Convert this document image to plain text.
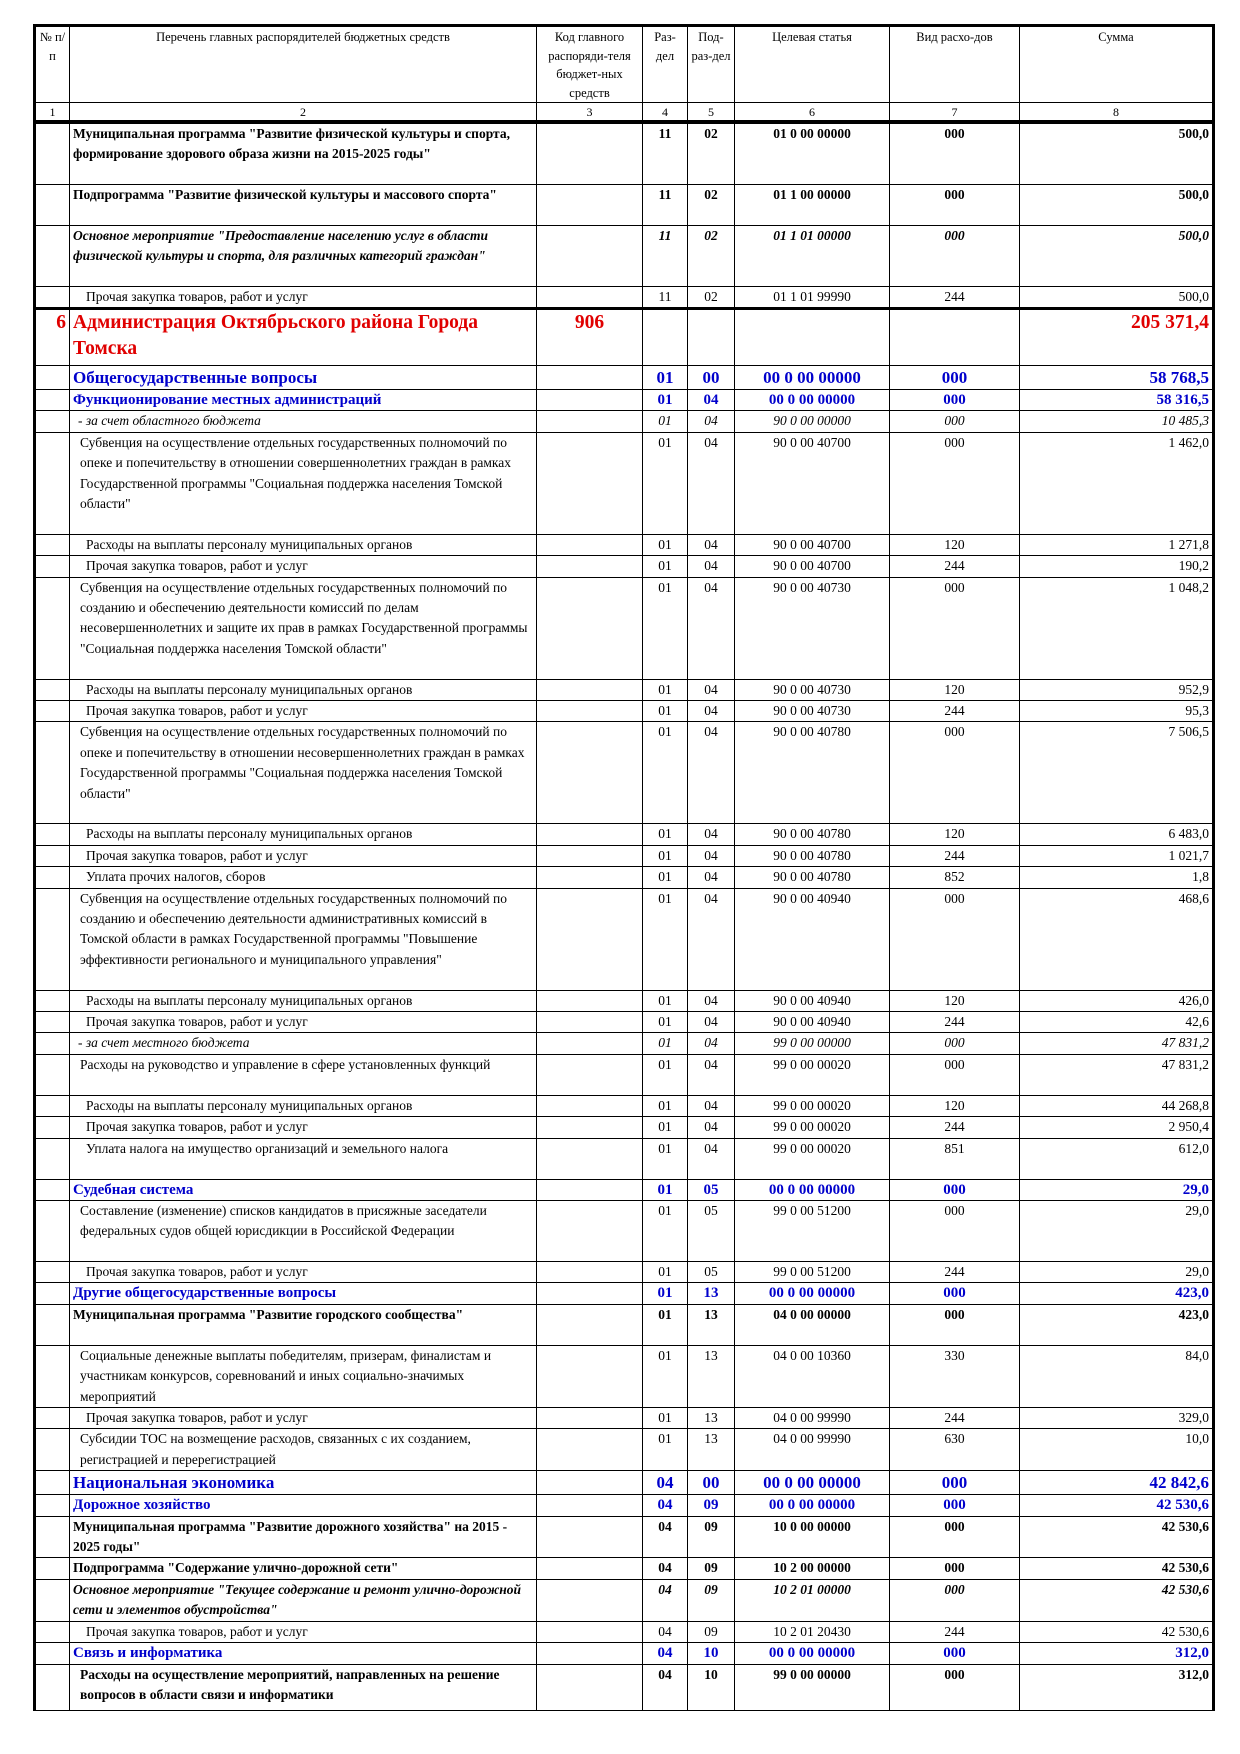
№ п/п	Перечень главных распорядителей бюджетных средств	Код главного распоряди-теля бюджет-ных средств	Раз-дел	Под-раз-дел	Целевая статья	Вид расхо-дов	Сумма
1	2	3	4	5	6	7	8
	Муниципальная программа "Развитие физической культуры и спорта, формирование здорового образа жизни на 2015-2025 годы"		11	02	01 0 00 00000	000	500,0
	Подпрограмма "Развитие физической культуры и массового спорта"		11	02	01 1 00 00000	000	500,0
	Основное мероприятие "Предоставление населению услуг в области физической культуры и спорта, для различных категорий граждан"		11	02	01 1 01 00000	000	500,0
	Прочая закупка товаров, работ и услуг		11	02	01 1 01 99990	244	500,0
6	Администрация Октябрьского района Города Томска	906					205 371,4
	Общегосударственные вопросы		01	00	00 0 00 00000	000	58 768,5
	Функционирование местных администраций		01	04	00 0 00 00000	000	58 316,5
	- за счет областного бюджета		01	04	90 0 00 00000	000	10 485,3
	Субвенция на осуществление отдельных государственных полномочий по опеке и попечительству в отношении совершеннолетних граждан в рамках Государственной программы "Социальная поддержка населения Томской области"		01	04	90 0 00 40700	000	1 462,0
	Расходы на выплаты персоналу муниципальных органов		01	04	90 0 00 40700	120	1 271,8
	Прочая закупка товаров, работ и услуг		01	04	90 0 00 40700	244	190,2
	Субвенция на осуществление отдельных государственных полномочий по созданию и обеспечению деятельности комиссий по делам несовершеннолетних и защите их прав в рамках Государственной программы "Социальная поддержка населения Томской области"		01	04	90 0 00 40730	000	1 048,2
	Расходы на выплаты персоналу муниципальных органов		01	04	90 0 00 40730	120	952,9
	Прочая закупка товаров, работ и услуг		01	04	90 0 00 40730	244	95,3
	Субвенция на осуществление отдельных государственных полномочий по опеке и попечительству в отношении несовершеннолетних граждан в рамках Государственной программы "Социальная поддержка населения Томской области"		01	04	90 0 00 40780	000	7 506,5
	Расходы на выплаты персоналу муниципальных органов		01	04	90 0 00 40780	120	6 483,0
	Прочая закупка товаров, работ и услуг		01	04	90 0 00 40780	244	1 021,7
	Уплата прочих налогов, сборов		01	04	90 0 00 40780	852	1,8
	Субвенция на осуществление отдельных государственных полномочий по созданию и обеспечению деятельности административных комиссий в Томской области в рамках Государственной программы "Повышение эффективности регионального и муниципального управления"		01	04	90 0 00 40940	000	468,6
	Расходы на выплаты персоналу муниципальных органов		01	04	90 0 00 40940	120	426,0
	Прочая закупка товаров, работ и услуг		01	04	90 0 00 40940	244	42,6
	- за счет местного бюджета		01	04	99 0 00 00000	000	47 831,2
	Расходы на руководство и управление в сфере установленных функций		01	04	99 0 00 00020	000	47 831,2
	Расходы на выплаты персоналу муниципальных органов		01	04	99 0 00 00020	120	44 268,8
	Прочая закупка товаров, работ и услуг		01	04	99 0 00 00020	244	2 950,4
	Уплата налога на имущество организаций и земельного налога		01	04	99 0 00 00020	851	612,0
	Судебная система		01	05	00 0 00 00000	000	29,0
	Составление (изменение) списков кандидатов в присяжные заседатели федеральных судов общей юрисдикции в Российской Федерации		01	05	99 0 00 51200	000	29,0
	Прочая закупка товаров, работ и услуг		01	05	99 0 00 51200	244	29,0
	Другие общегосударственные вопросы		01	13	00 0 00 00000	000	423,0
	Муниципальная программа "Развитие городского сообщества"		01	13	04 0 00 00000	000	423,0
	Социальные денежные выплаты победителям, призерам, финалистам и участникам конкурсов, соревнований и иных социально-значимых мероприятий		01	13	04 0 00 10360	330	84,0
	Прочая закупка товаров, работ и услуг		01	13	04 0 00 99990	244	329,0
	Субсидии ТОС на возмещение расходов, связанных с их созданием, регистрацией и перерегистрацией		01	13	04 0 00 99990	630	10,0
	Национальная экономика		04	00	00 0 00 00000	000	42 842,6
	Дорожное хозяйство		04	09	00 0 00 00000	000	42 530,6
	Муниципальная программа "Развитие дорожного хозяйства" на 2015 - 2025 годы"		04	09	10 0 00 00000	000	42 530,6
	Подпрограмма "Содержание улично-дорожной сети"		04	09	10 2 00 00000	000	42 530,6
	Основное мероприятие "Текущее содержание и ремонт улично-дорожной сети и элементов обустройства"		04	09	10 2 01 00000	000	42 530,6
	Прочая закупка товаров, работ и услуг		04	09	10 2 01 20430	244	42 530,6
	Связь и информатика		04	10	00 0 00 00000	000	312,0
	Расходы на осуществление мероприятий, направленных на решение вопросов в области связи и информатики		04	10	99 0 00 00000	000	312,0
